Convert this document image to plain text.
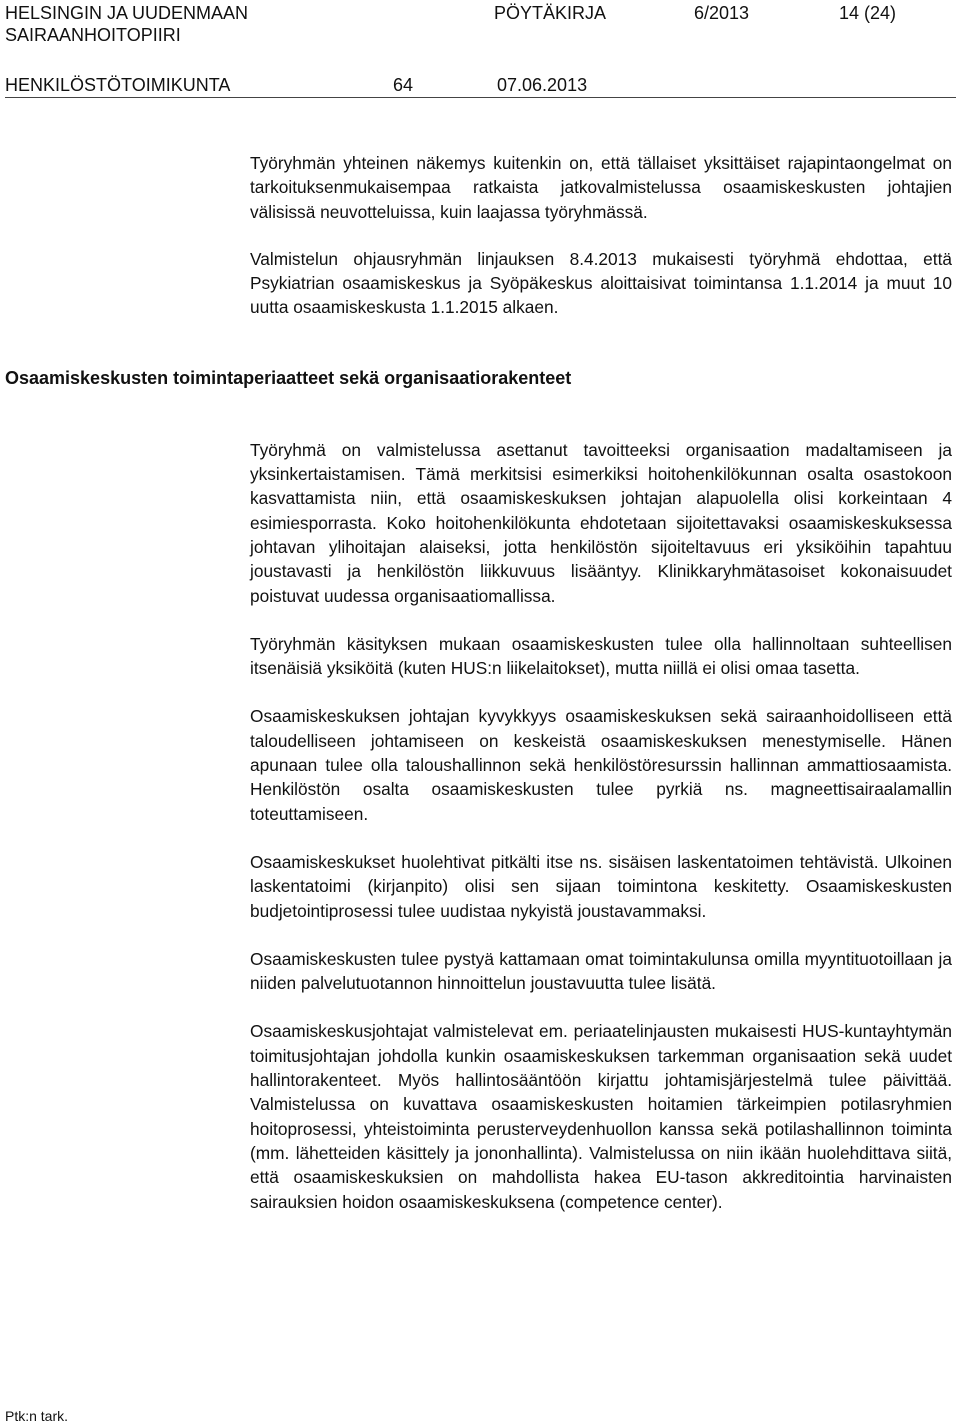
HELSINGIN JA UUDENMAAN
SAIRAANHOITOPIIRI
PÖYTÄKIRJA	6/2013	14 (24)
HENKILÖSTÖTOIMIKUNTA	64	07.06.2013

Työryhmän yhteinen näkemys kuitenkin on, että tällaiset yksittäiset rajapintaongelmat on tarkoituksenmukaisempaa ratkaista jatkovalmistelussa osaamiskeskusten johtajien välisissä neuvotteluissa, kuin laajassa työryhmässä.

Valmistelun ohjausryhmän linjauksen 8.4.2013 mukaisesti työryhmä ehdottaa, että Psykiatrian osaamiskeskus ja Syöpäkeskus aloittaisivat toimintansa 1.1.2014 ja muut 10 uutta osaamiskeskusta 1.1.2015 alkaen.

Työryhmä on valmistelussa asettanut tavoitteeksi organisaation madaltamiseen ja yksinkertaistamisen. Tämä merkitsisi esimerkiksi hoitohenkilökunnan osalta osastokoon kasvattamista niin, että osaamiskeskuksen johtajan alapuolella olisi korkeintaan 4 esimiesporrasta. Koko hoitohenkilökunta ehdotetaan sijoitettavaksi osaamiskeskuksessa johtavan ylihoitajan alaiseksi, jotta henkilöstön sijoiteltavuus eri yksiköihin tapahtuu joustavasti ja henkilöstön liikkuvuus lisääntyy. Klinikkaryhmätasoiset kokonaisuudet poistuvat uudessa organisaatiomallissa.

Työryhmän käsityksen mukaan osaamiskeskusten tulee olla hallinnoltaan suhteellisen itsenäisiä yksiköitä (kuten HUS:n liikelaitokset), mutta niillä ei olisi omaa tasetta.

Osaamiskeskuksen johtajan kyvykkyys osaamiskeskuksen sekä sairaanhoidolliseen että taloudelliseen johtamiseen on keskeistä osaamiskeskuksen menestymiselle. Hänen apunaan tulee olla taloushallinnon sekä henkilöstöresurssin hallinnan ammattiosaamista. Henkilöstön osalta osaamiskeskusten tulee pyrkiä ns. magneettisairaalamallin toteuttamiseen.

Osaamiskeskukset huolehtivat pitkälti itse ns. sisäisen laskentatoimen tehtävistä. Ulkoinen laskentatoimi (kirjanpito) olisi sen sijaan toimintona keskitetty. Osaamiskeskusten budjetointiprosessi tulee uudistaa nykyistä joustavammaksi.

Osaamiskeskusten tulee pystyä kattamaan omat toimintakulunsa omilla myyntituotoillaan ja niiden palvelutuotannon hinnoittelun joustavuutta tulee lisätä.

Osaamiskeskusjohtajat valmistelevat em. periaatelinjausten mukaisesti HUS-kuntayhtymän toimitusjohtajan johdolla kunkin osaamiskeskuksen tarkemman organisaation sekä uudet hallintorakenteet. Myös hallintosääntöön kirjattu johtamisjärjestelmä tulee päivittää. Valmistelussa on kuvattava osaamiskeskusten hoitamien tärkeimpien potilasryhmien hoitoprosessi, yhteistoiminta perusterveydenhuollon kanssa sekä potilashallinnon toiminta (mm. lähetteiden käsittely ja jononhallinta). Valmistelussa on niin ikään huolehdittava siitä, että osaamiskeskuksien on mahdollista hakea EU-tason akkreditointia harvinaisten sairauksien hoidon osaamiskeskuksena (competence center).

Osaamiskeskusten toimintaperiaatteet sekä organisaatiorakenteet
Ptk:n tark.
